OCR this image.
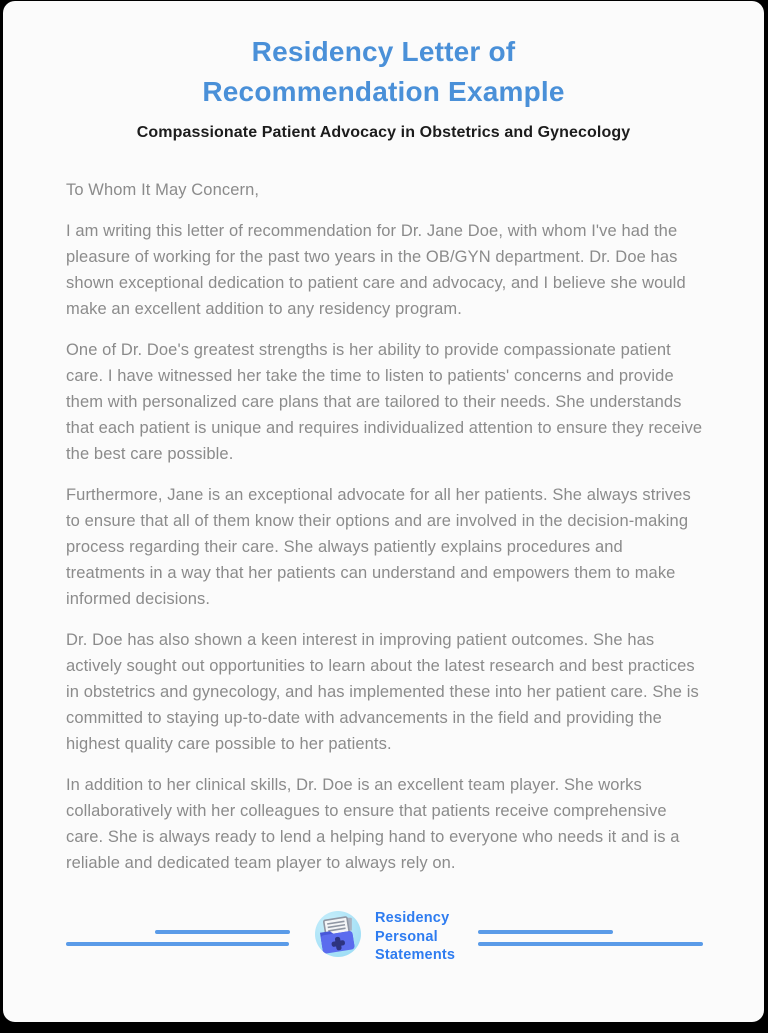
Residency Letter of
Recommendation Example
Compassionate Patient Advocacy in Obstetrics and Gynecology

To Whom It May Concern,

I am writing this letter of recommendation for Dr. Jane Doe, with whom I've had the pleasure of working for the past two years in the OB/GYN department. Dr. Doe has shown exceptional dedication to patient care and advocacy, and I believe she would make an excellent addition to any residency program.

One of Dr. Doe's greatest strengths is her ability to provide compassionate patient care. I have witnessed her take the time to listen to patients' concerns and provide them with personalized care plans that are tailored to their needs. She understands that each patient is unique and requires individualized attention to ensure they receive the best care possible.

Furthermore, Jane is an exceptional advocate for all her patients. She always strives to ensure that all of them know their options and are involved in the decision-making process regarding their care. She always patiently explains procedures and treatments in a way that her patients can understand and empowers them to make informed decisions.

Dr. Doe has also shown a keen interest in improving patient outcomes. She has actively sought out opportunities to learn about the latest research and best practices in obstetrics and gynecology, and has implemented these into her patient care. She is committed to staying up-to-date with advancements in the field and providing the highest quality care possible to her patients.

In addition to her clinical skills, Dr. Doe is an excellent team player. She works collaboratively with her colleagues to ensure that patients receive comprehensive care. She is always ready to lend a helping hand to everyone who needs it and is a reliable and dedicated team player to always rely on.

Residency
Personal
Statements
